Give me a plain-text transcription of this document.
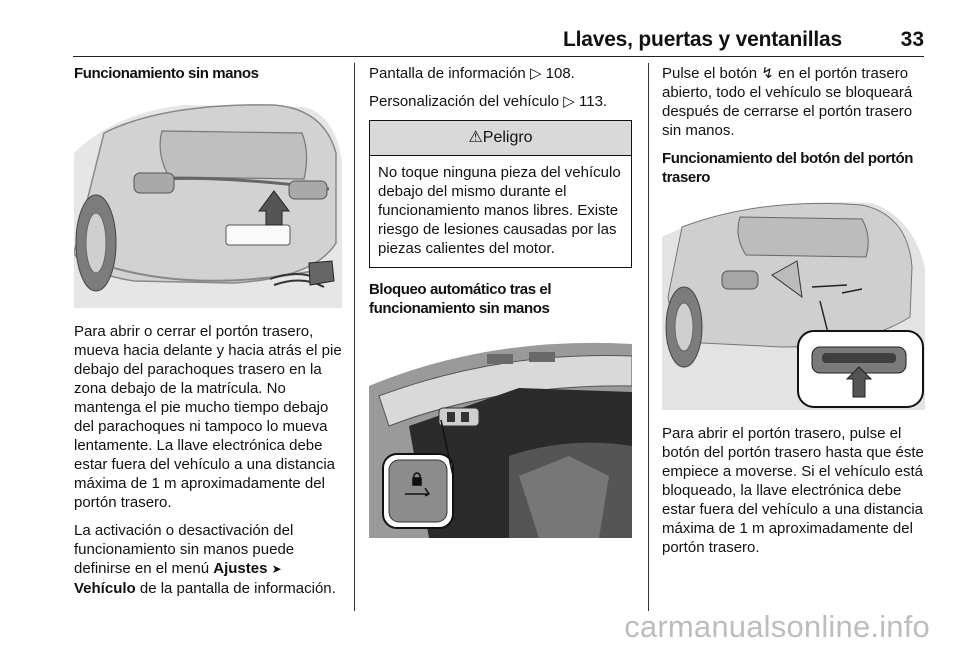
Llaves, puertas y ventanillas	33

Funcionamiento sin manos

Para abrir o cerrar el portón trasero, mueva hacia delante y hacia atrás el pie debajo del parachoques trasero en la zona debajo de la matrícula. No mantenga el pie mucho tiempo debajo del parachoques ni tampoco lo mueva lentamente. La llave electrónica debe estar fuera del vehículo a una distancia máxima de 1 m aproximadamente del portón trasero.

La activación o desactivación del funcionamiento sin manos puede definirse en el menú Ajustes ➤ Vehículo de la pantalla de información.

Pantalla de información ▷ 108.

Personalización del vehículo ▷ 113.

⚠Peligro
No toque ninguna pieza del vehículo debajo del mismo durante el funcionamiento manos libres. Existe riesgo de lesiones causadas por las piezas calientes del motor.

Bloqueo automático tras el funcionamiento sin manos

Pulse el botón ↯ en el portón trasero abierto, todo el vehículo se bloqueará después de cerrarse el portón trasero sin manos.

Funcionamiento del botón del portón trasero

Para abrir el portón trasero, pulse el botón del portón trasero hasta que éste empiece a moverse. Si el vehículo está bloqueado, la llave electrónica debe estar fuera del vehículo a una distancia máxima de 1 m aproximadamente del portón trasero.

carmanualsonline.info
